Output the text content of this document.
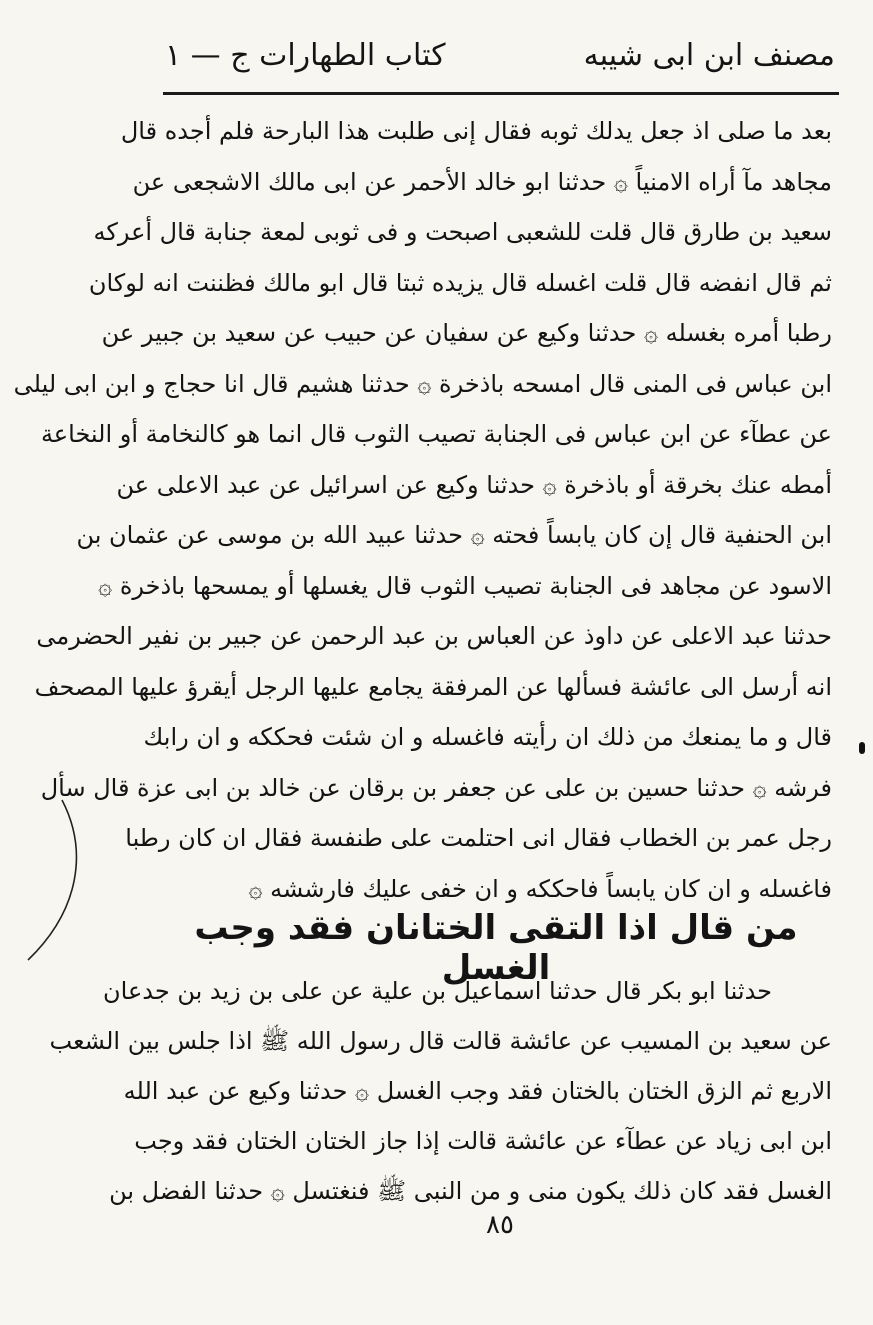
مصنف ابن ابى شيبه
كتاب الطهارات ج — ١
بعد ما صلى اذ جعل يدلك ثوبه فقال إنى طلبت هذا البارحة فلم أجده قال
مجاهد مآ أراه الامنياً ۞ حدثنا ابو خالد الأحمر عن ابى مالك الاشجعى عن
سعيد بن طارق قال قلت للشعبى اصبحت و فى ثوبى لمعة جنابة قال أعركه
ثم قال انفضه قال قلت اغسله قال يزيده ثبتا قال ابو مالك فظننت انه لوكان
رطبا أمره بغسله ۞ حدثنا وكيع عن سفيان عن حبيب عن سعيد بن جبير عن
ابن عباس فى المنى قال امسحه باذخرة ۞ حدثنا هشيم قال انا حجاج و ابن ابى ليلى
عن عطآء عن ابن عباس فى الجنابة تصيب الثوب قال انما هو كالنخامة أو النخاعة
أمطه عنك بخرقة أو باذخرة ۞ حدثنا وكيع عن اسرائيل عن عبد الاعلى عن
ابن الحنفية قال إن كان يابساً فحته ۞ حدثنا عبيد الله بن موسى عن عثمان بن
الاسود عن مجاهد فى الجنابة تصيب الثوب قال يغسلها أو يمسحها باذخرة ۞
حدثنا عبد الاعلى عن داوذ عن العباس بن عبد الرحمن عن جبير بن نفير الحضرمى
انه أرسل الى عائشة فسألها عن المرفقة يجامع عليها الرجل أيقرؤ عليها المصحف
قال و ما يمنعك من ذلك ان رأيته فاغسله و ان شئت فحككه و ان رابك
فرشه ۞ حدثنا حسين بن على عن جعفر بن برقان عن خالد بن ابى عزة قال سأل
رجل عمر بن الخطاب فقال انى احتلمت على طنفسة فقال ان كان رطبا
فاغسله و ان كان يابساً فاحككه و ان خفى عليك فارششه ۞
من قال اذا التقى الختانان فقد وجب الغسل
حدثنا ابو بكر قال حدثنا اسماعيل بن علية عن على بن زيد بن جدعان
عن سعيد بن المسيب عن عائشة قالت قال رسول الله ﷺ اذا جلس بين الشعب
الاربع ثم الزق الختان بالختان فقد وجب الغسل ۞ حدثنا وكيع عن عبد الله
ابن ابى زياد عن عطآء عن عائشة قالت إذا جاز الختان الختان فقد وجب
الغسل فقد كان ذلك يكون منى و من النبى ﷺ فنغتسل ۞ حدثنا الفضل بن
٨٥
